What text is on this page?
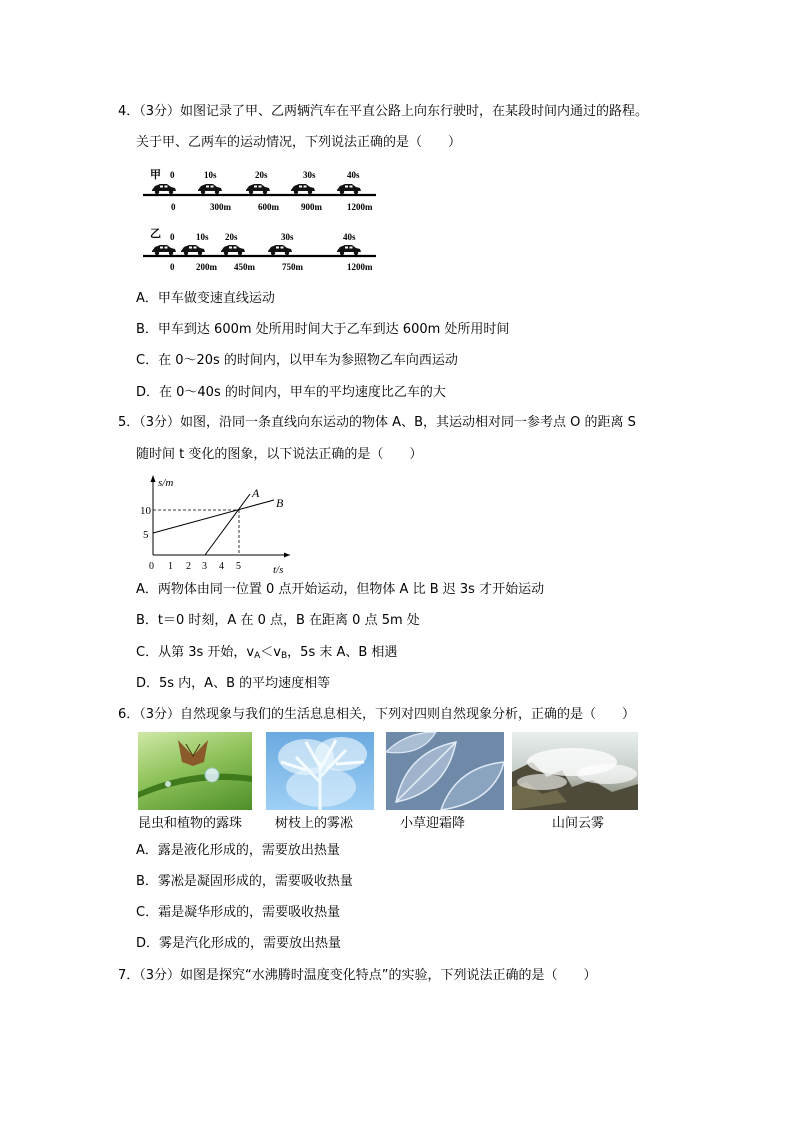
4．（3分）如图记录了甲、乙两辆汽车在平直公路上向东行驶时，在某段时间内通过的路程。
关于甲、乙两车的运动情况，下列说法正确的是（　　）
甲 0	10s	20s	30s	40s
0	300m	600m 900m	1200m
乙 0 10s 20s	30s	40s
0 200m 450m	750m	1200m
A．甲车做变速直线运动
B．甲车到达 600m 处所用时间大于乙车到达 600m 处所用时间
C．在 0～20s 的时间内，以甲车为参照物乙车向西运动
D．在 0～40s 的时间内，甲车的平均速度比乙车的大
5．（3分）如图，沿同一条直线向东运动的物体 A、B，其运动相对同一参考点 O 的距离 S
随时间 t 变化的图象，以下说法正确的是（　　）
s/m
t/s
10
5
0 1 2 3 4 5
A
B
A．两物体由同一位置 0 点开始运动，但物体 A 比 B 迟 3s 才开始运动
B．t＝0 时刻，A 在 0 点，B 在距离 0 点 5m 处
C．从第 3s 开始，$v_A<v_B$，5s 末 A、B 相遇
D．5s 内，A、B 的平均速度相等
6．（3分）自然现象与我们的生活息息相关，下列对四则自然现象分析，正确的是（　　）
昆虫和植物的露珠	树枝上的雾凇	小草迎霜降	山间云雾
A．露是液化形成的，需要放出热量
B．雾凇是凝固形成的，需要吸收热量
C．霜是凝华形成的，需要吸收热量
D．雾是汽化形成的，需要放出热量
7．（3分）如图是探究“水沸腾时温度变化特点”的实验，下列说法正确的是（　　）
